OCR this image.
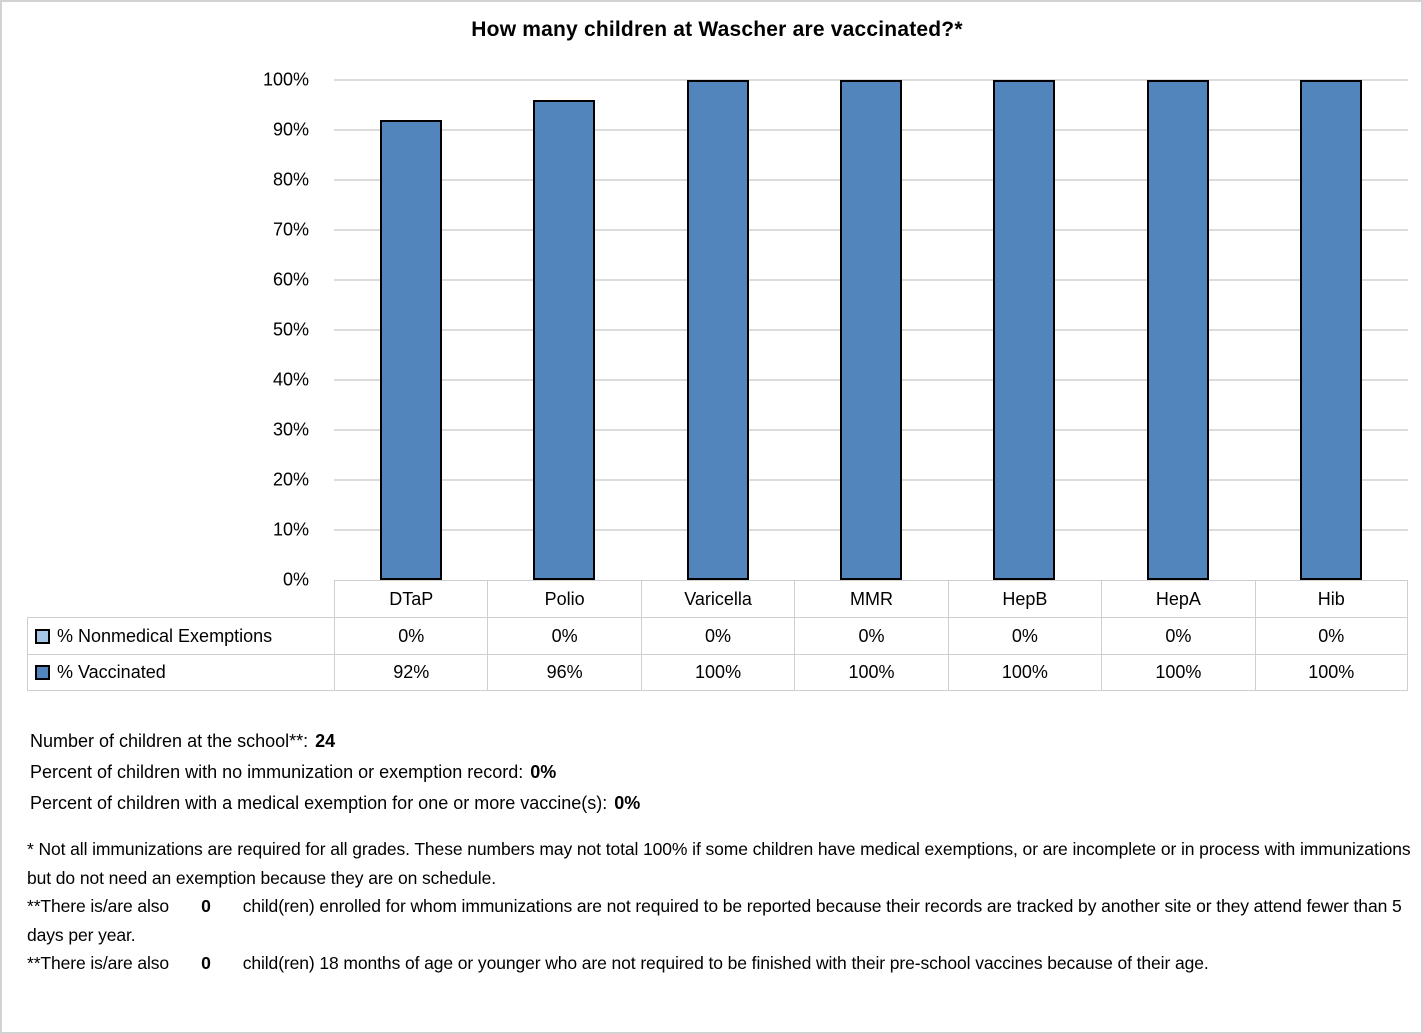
How many children at Wascher are vaccinated?*
100%
90%
80%
70%
60%
50%
40%
30%
20%
10%
0%
DTaP	Polio	Varicella	MMR	HepB	HepA	Hib
% Nonmedical Exemptions	0%	0%	0%	0%	0%	0%	0%
% Vaccinated	92%	96%	100%	100%	100%	100%	100%
Number of children at the school**: 24
Percent of children with no immunization or exemption record: 0%
Percent of children with a medical exemption for one or more vaccine(s): 0%

* Not all immunizations are required for all grades. These numbers may not total 100% if some children have medical exemptions, or are incomplete or in process with immunizations but do not need an exemption because they are on schedule.

**There is/are also 0 child(ren) enrolled for whom immunizations are not required to be reported because their records are tracked by another site or they attend fewer than 5 days per year.

**There is/are also 0 child(ren) 18 months of age or younger who are not required to be finished with their pre-school vaccines because of their age.
